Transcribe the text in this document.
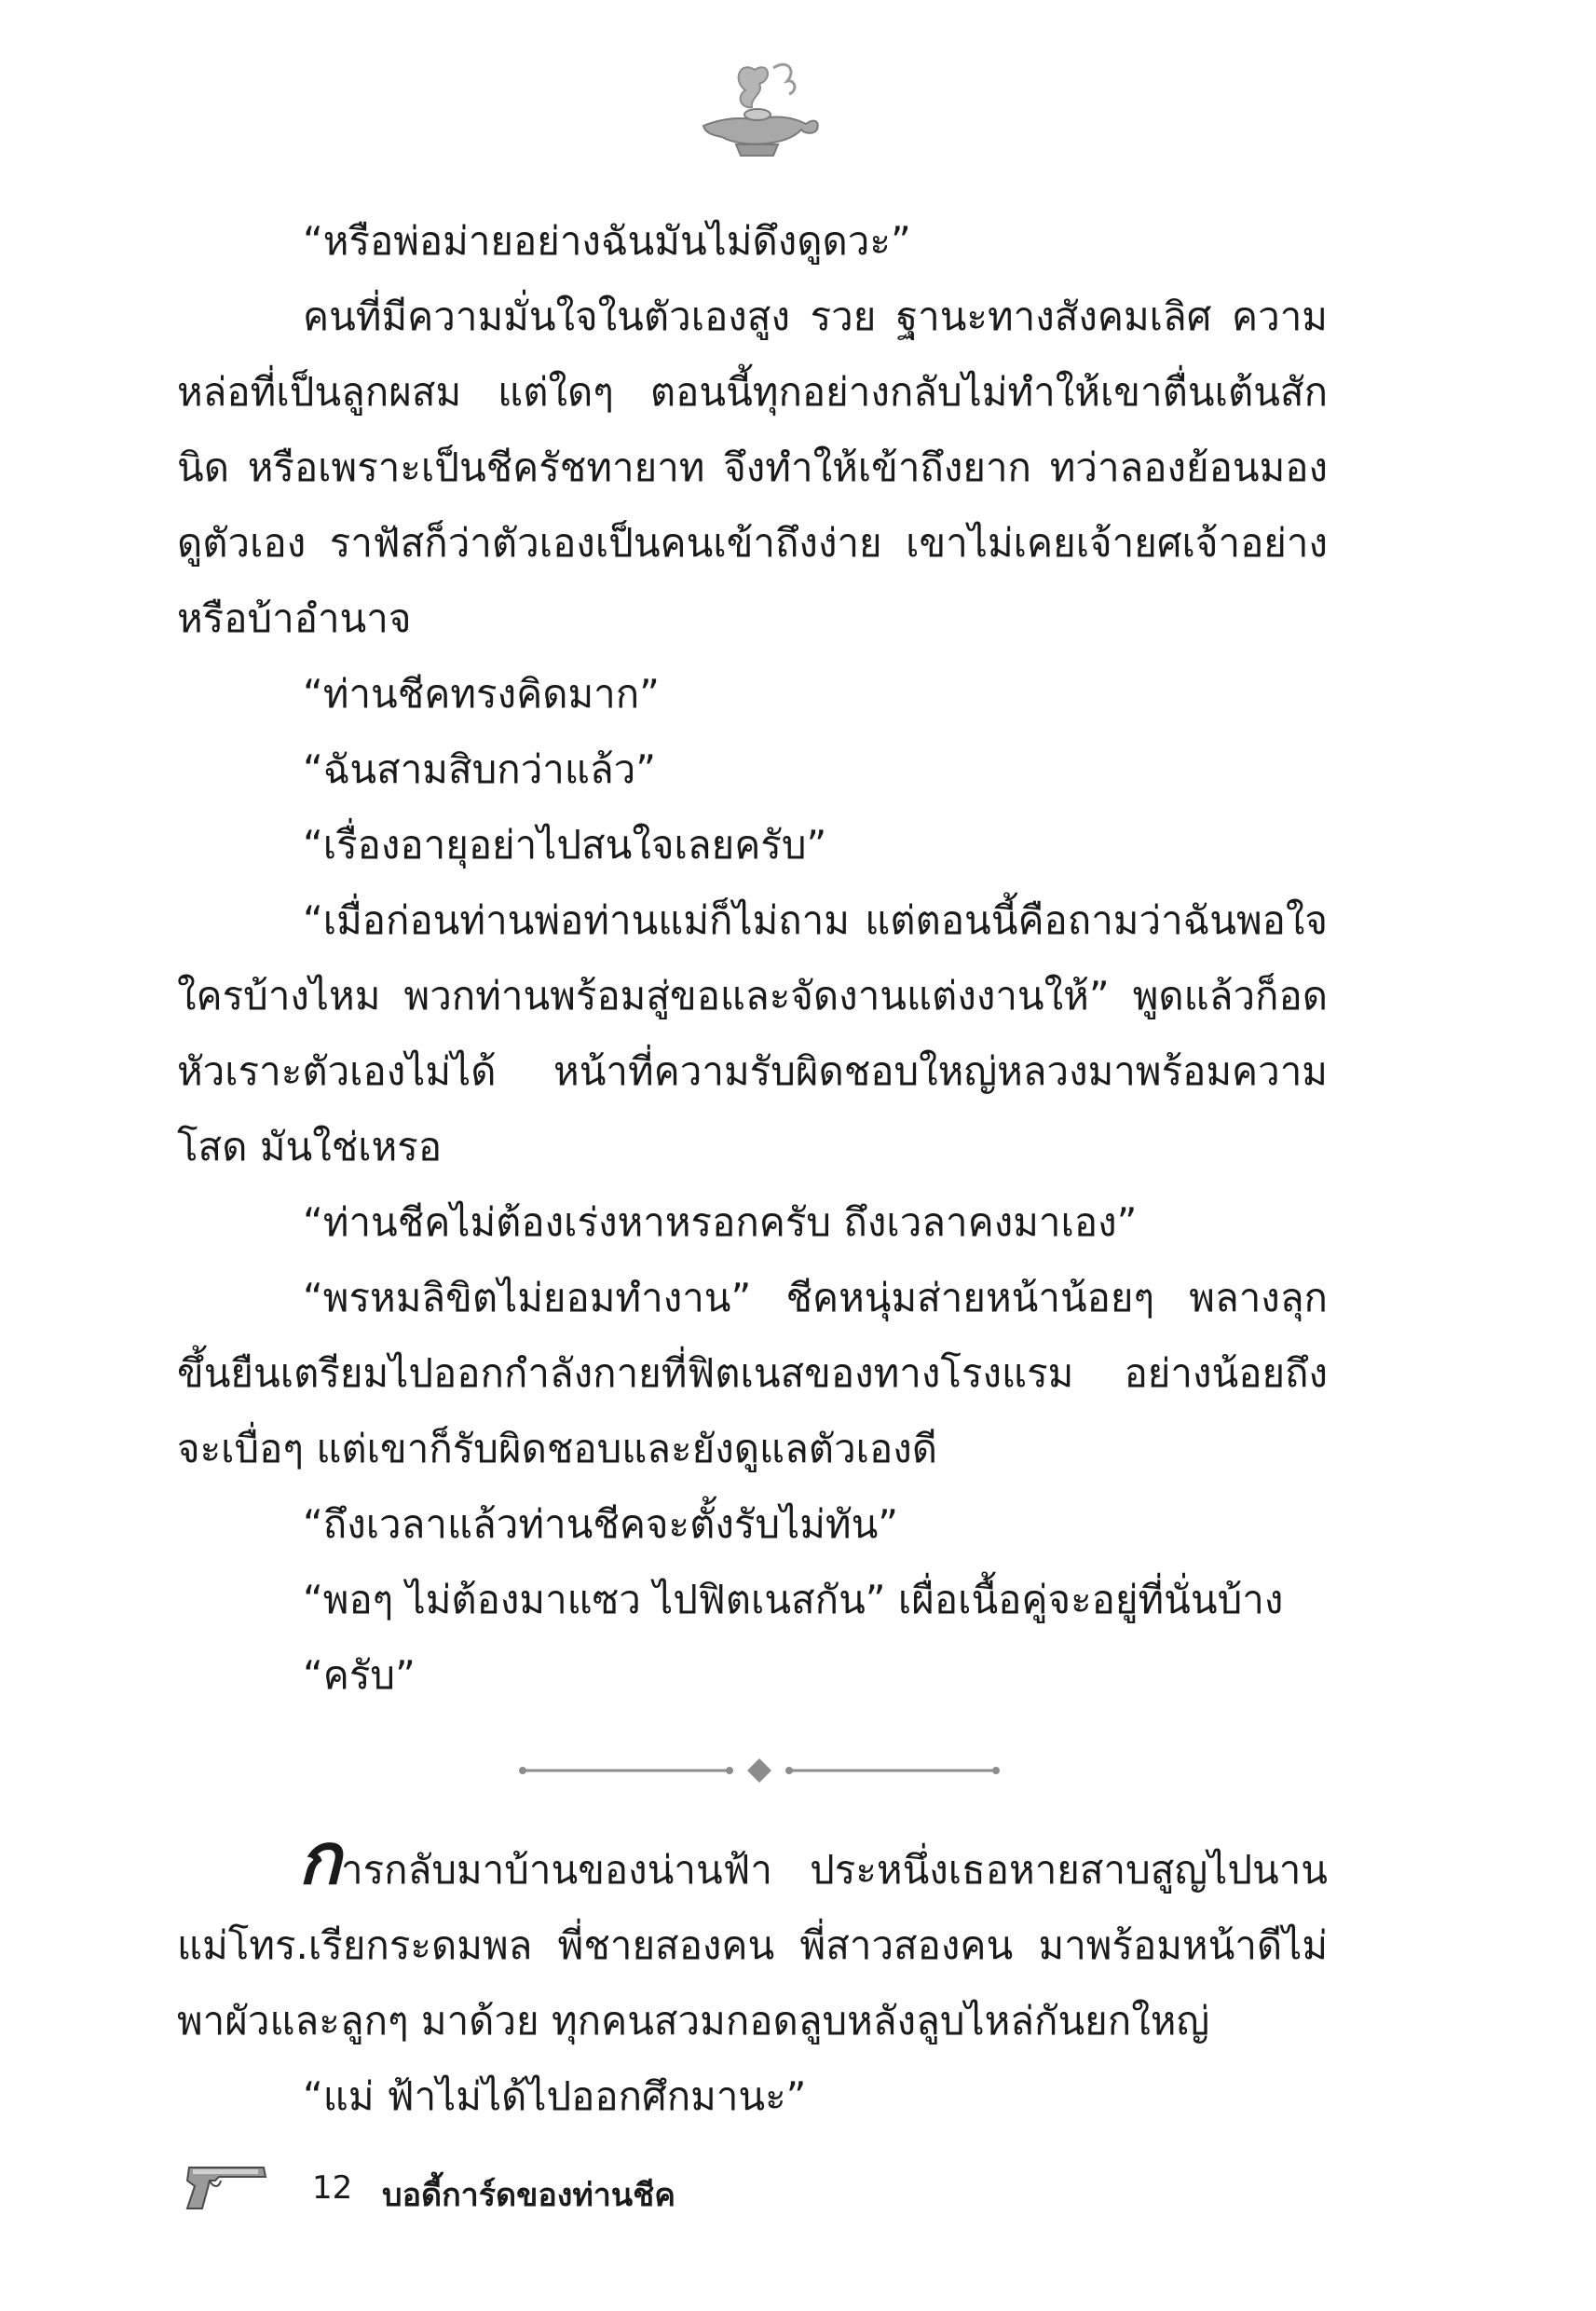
“หรือพ่อม่ายอย่างฉันมันไม่ดึงดูดวะ”

คนที่มีความมั่นใจในตัวเองสูง รวย ฐานะทางสังคมเลิศ ความหล่อที่เป็นลูกผสม แต่ใดๆ ตอนนี้ทุกอย่างกลับไม่ทำให้เขาตื่นเต้นสักนิด หรือเพราะเป็นชีครัชทายาท จึงทำให้เข้าถึงยาก ทว่าลองย้อนมองดูตัวเอง ราฟัสก็ว่าตัวเองเป็นคนเข้าถึงง่าย เขาไม่เคยเจ้ายศเจ้าอย่างหรือบ้าอำนาจ

“ท่านชีคทรงคิดมาก”

“ฉันสามสิบกว่าแล้ว”

“เรื่องอายุอย่าไปสนใจเลยครับ”

“เมื่อก่อนท่านพ่อท่านแม่ก็ไม่ถาม แต่ตอนนี้คือถามว่าฉันพอใจใครบ้างไหม พวกท่านพร้อมสู่ขอและจัดงานแต่งงานให้” พูดแล้วก็อดหัวเราะตัวเองไม่ได้ หน้าที่ความรับผิดชอบใหญ่หลวงมาพร้อมความโสด มันใช่เหรอ

“ท่านชีคไม่ต้องเร่งหาหรอกครับ ถึงเวลาคงมาเอง”

“พรหมลิขิตไม่ยอมทำงาน” ชีคหนุ่มส่ายหน้าน้อยๆ พลางลุกขึ้นยืนเตรียมไปออกกำลังกายที่ฟิตเนสของทางโรงแรม อย่างน้อยถึงจะเบื่อๆ แต่เขาก็รับผิดชอบและยังดูแลตัวเองดี

“ถึงเวลาแล้วท่านชีคจะตั้งรับไม่ทัน”

“พอๆ ไม่ต้องมาแซว ไปฟิตเนสกัน” เผื่อเนื้อคู่จะอยู่ที่นั่นบ้าง

“ครับ”

การกลับมาบ้านของน่านฟ้า ประหนึ่งเธอหายสาบสูญไปนาน แม่โทร.เรียกระดมพล พี่ชายสองคน พี่สาวสองคน มาพร้อมหน้าดีไม่พาผัวและลูกๆ มาด้วย ทุกคนสวมกอดลูบหลังลูบไหล่กันยกใหญ่

“แม่ ฟ้าไม่ได้ไปออกศึกมานะ”

12 บอดี้การ์ดของท่านชีค
